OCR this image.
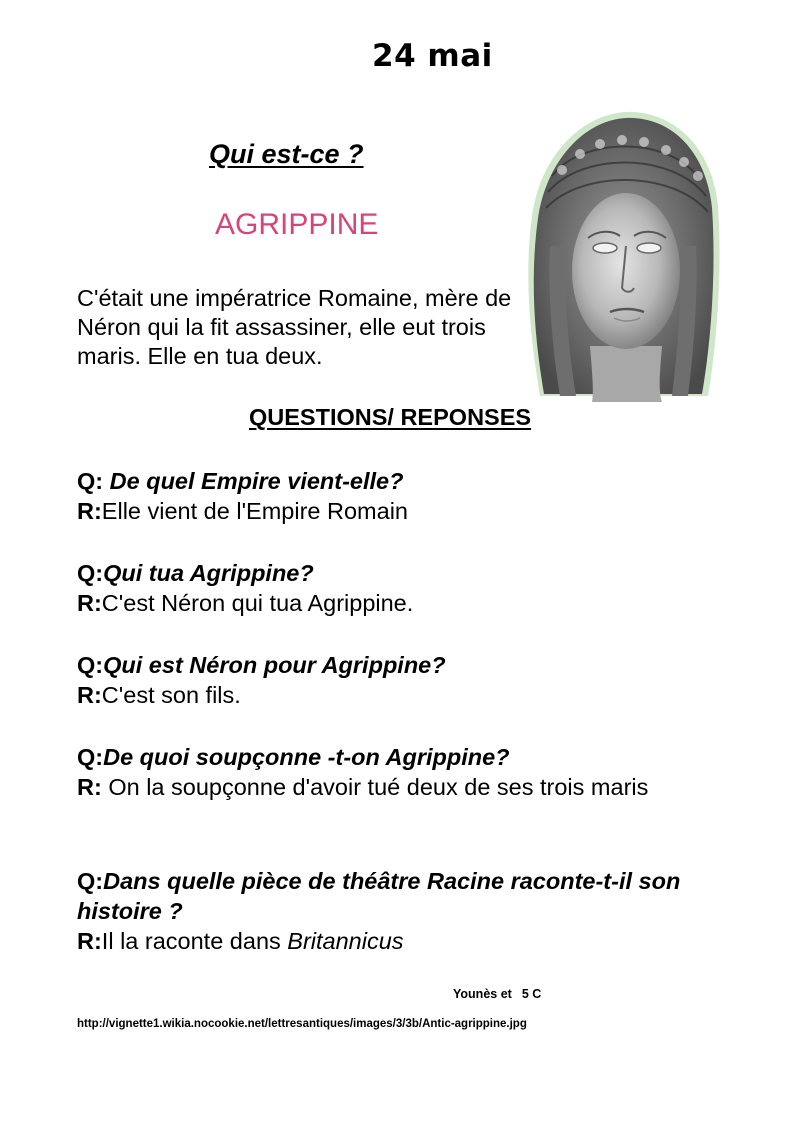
24 mai
Qui est-ce ?
AGRIPPINE
C'était une impératrice Romaine, mère de Néron qui la fit assassiner, elle eut trois maris. Elle en tua deux.
QUESTIONS/ REPONSES
Q: De quel Empire vient-elle?
R:Elle vient de l'Empire Romain
Q:Qui tua Agrippine?
R:C'est Néron qui tua Agrippine.
Q:Qui est Néron pour Agrippine?
R:C'est son fils.
Q:De quoi soupçonne -t-on Agrippine?
R: On la soupçonne d'avoir tué deux de ses trois maris
Q:Dans quelle pièce de théâtre Racine raconte-t-il son histoire ?
R:Il la raconte dans Britannicus
Younès et 5 C
http://vignette1.wikia.nocookie.net/lettresantiques/images/3/3b/Antic-agrippine.jpg
